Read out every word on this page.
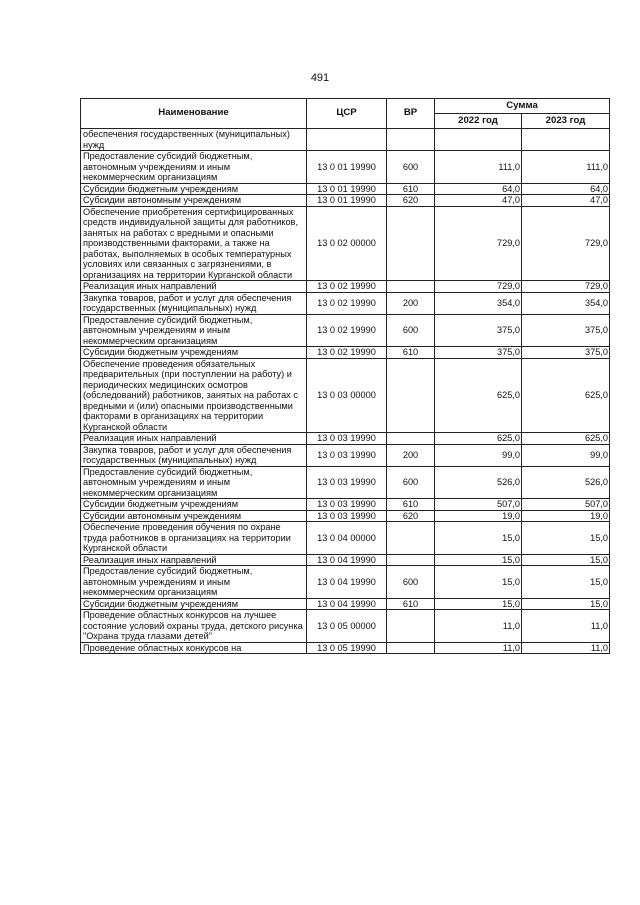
491
Наименование	ЦСР	ВР	Сумма	
			2022 год	2023 год
обеспечения государственных (муниципальных) нужд				
Предоставление субсидий бюджетным, автономным учреждениям и иным некоммерческим организациям	13 0 01 19990	600	111,0	111,0
Субсидии бюджетным учреждениям	13 0 01 19990	610	64,0	64,0
Субсидии автономным учреждениям	13 0 01 19990	620	47,0	47,0
Обеспечение приобретения сертифицированных средств индивидуальной защиты для работников, занятых на работах с вредными и опасными производственными факторами, а также на работах, выполняемых в особых температурных условиях или связанных с загрязнениями, в организациях на территории Курганской области	13 0 02 00000		729,0	729,0
Реализация иных направлений	13 0 02 19990		729,0	729,0
Закупка товаров, работ и услуг для обеспечения государственных (муниципальных) нужд	13 0 02 19990	200	354,0	354,0
Предоставление субсидий бюджетным, автономным учреждениям и иным некоммерческим организациям	13 0 02 19990	600	375,0	375,0
Субсидии бюджетным учреждениям	13 0 02 19990	610	375,0	375,0
Обеспечение проведения обязательных предварительных (при поступлении на работу) и периодических медицинских осмотров (обследований) работников, занятых на работах с вредными и (или) опасными производственными факторами в организациях на территории Курганской области	13 0 03 00000		625,0	625,0
Реализация иных направлений	13 0 03 19990		625,0	625,0
Закупка товаров, работ и услуг для обеспечения государственных (муниципальных) нужд	13 0 03 19990	200	99,0	99,0
Предоставление субсидий бюджетным, автономным учреждениям и иным некоммерческим организациям	13 0 03 19990	600	526,0	526,0
Субсидии бюджетным учреждениям	13 0 03 19990	610	507,0	507,0
Субсидии автономным учреждениям	13 0 03 19990	620	19,0	19,0
Обеспечение проведения обучения по охране труда работников в организациях на территории Курганской области	13 0 04 00000		15,0	15,0
Реализация иных направлений	13 0 04 19990		15,0	15,0
Предоставление субсидий бюджетным, автономным учреждениям и иным некоммерческим организациям	13 0 04 19990	600	15,0	15,0
Субсидии бюджетным учреждениям	13 0 04 19990	610	15,0	15,0
Проведение областных конкурсов на лучшее состояние условий охраны труда, детского рисунка "Охрана труда глазами детей"	13 0 05 00000		11,0	11,0
Проведение областных конкурсов на	13 0 05 19990		11,0	11,0
